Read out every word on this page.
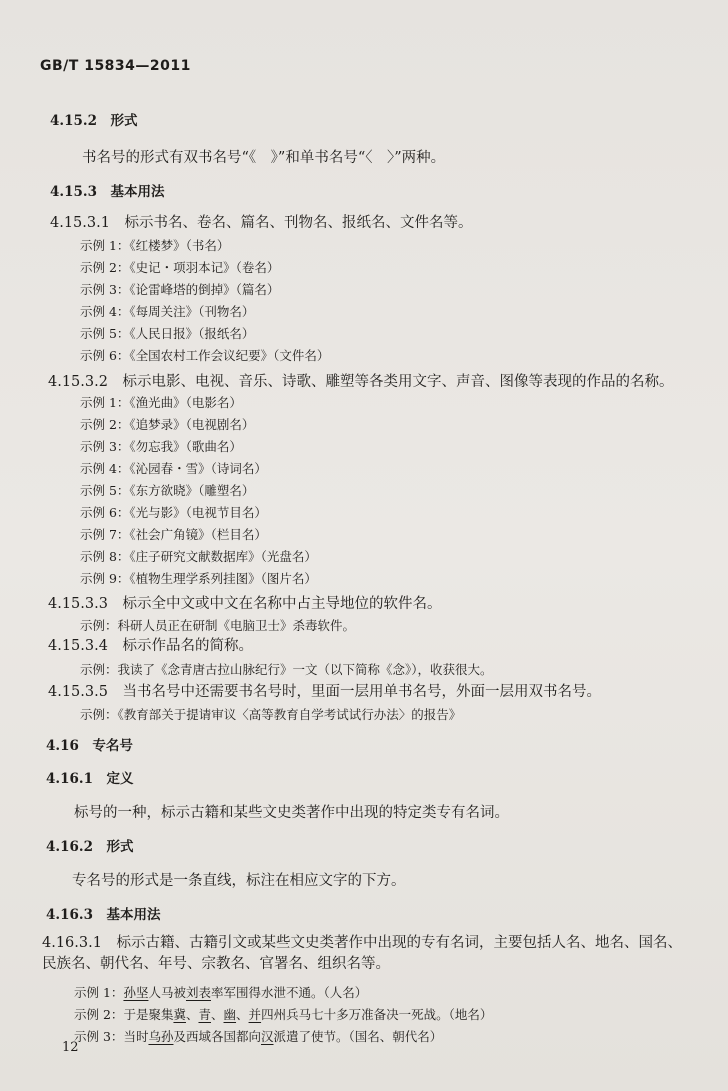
GB/T 15834—2011
4.15.2　形式
书名号的形式有双书名号“《　》”和单书名号“〈　〉”两种。
4.15.3　基本用法
4.15.3.1　标示书名、卷名、篇名、刊物名、报纸名、文件名等。
示例 1：《红楼梦》（书名）
示例 2：《史记・项羽本记》（卷名）
示例 3：《论雷峰塔的倒掉》（篇名）
示例 4：《每周关注》（刊物名）
示例 5：《人民日报》（报纸名）
示例 6：《全国农村工作会议纪要》（文件名）
4.15.3.2　标示电影、电视、音乐、诗歌、雕塑等各类用文字、声音、图像等表现的作品的名称。
示例 1：《渔光曲》（电影名）
示例 2：《追梦录》（电视剧名）
示例 3：《勿忘我》（歌曲名）
示例 4：《沁园春・雪》（诗词名）
示例 5：《东方欲晓》（雕塑名）
示例 6：《光与影》（电视节目名）
示例 7：《社会广角镜》（栏目名）
示例 8：《庄子研究文献数据库》（光盘名）
示例 9：《植物生理学系列挂图》（图片名）
4.15.3.3　标示全中文或中文在名称中占主导地位的软件名。
示例：科研人员正在研制《电脑卫士》杀毒软件。
4.15.3.4　标示作品名的简称。
示例：我读了《念青唐古拉山脉纪行》一文（以下简称《念》），收获很大。
4.15.3.5　当书名号中还需要书名号时，里面一层用单书名号，外面一层用双书名号。
示例：《教育部关于提请审议〈高等教育自学考试试行办法〉的报告》
4.16　专名号
4.16.1　定义
标号的一种，标示古籍和某些文史类著作中出现的特定类专有名词。
4.16.2　形式
专名号的形式是一条直线，标注在相应文字的下方。
4.16.3　基本用法
4.16.3.1　标示古籍、古籍引文或某些文史类著作中出现的专有名词，主要包括人名、地名、国名、民族名、朝代名、年号、宗教名、官署名、组织名等。
示例 1：孙坚人马被刘表率军围得水泄不通。（人名）
示例 2：于是聚集冀、青、幽、并四州兵马七十多万准备决一死战。（地名）
示例 3：当时乌孙及西域各国都向汉派遣了使节。（国名、朝代名）
12
